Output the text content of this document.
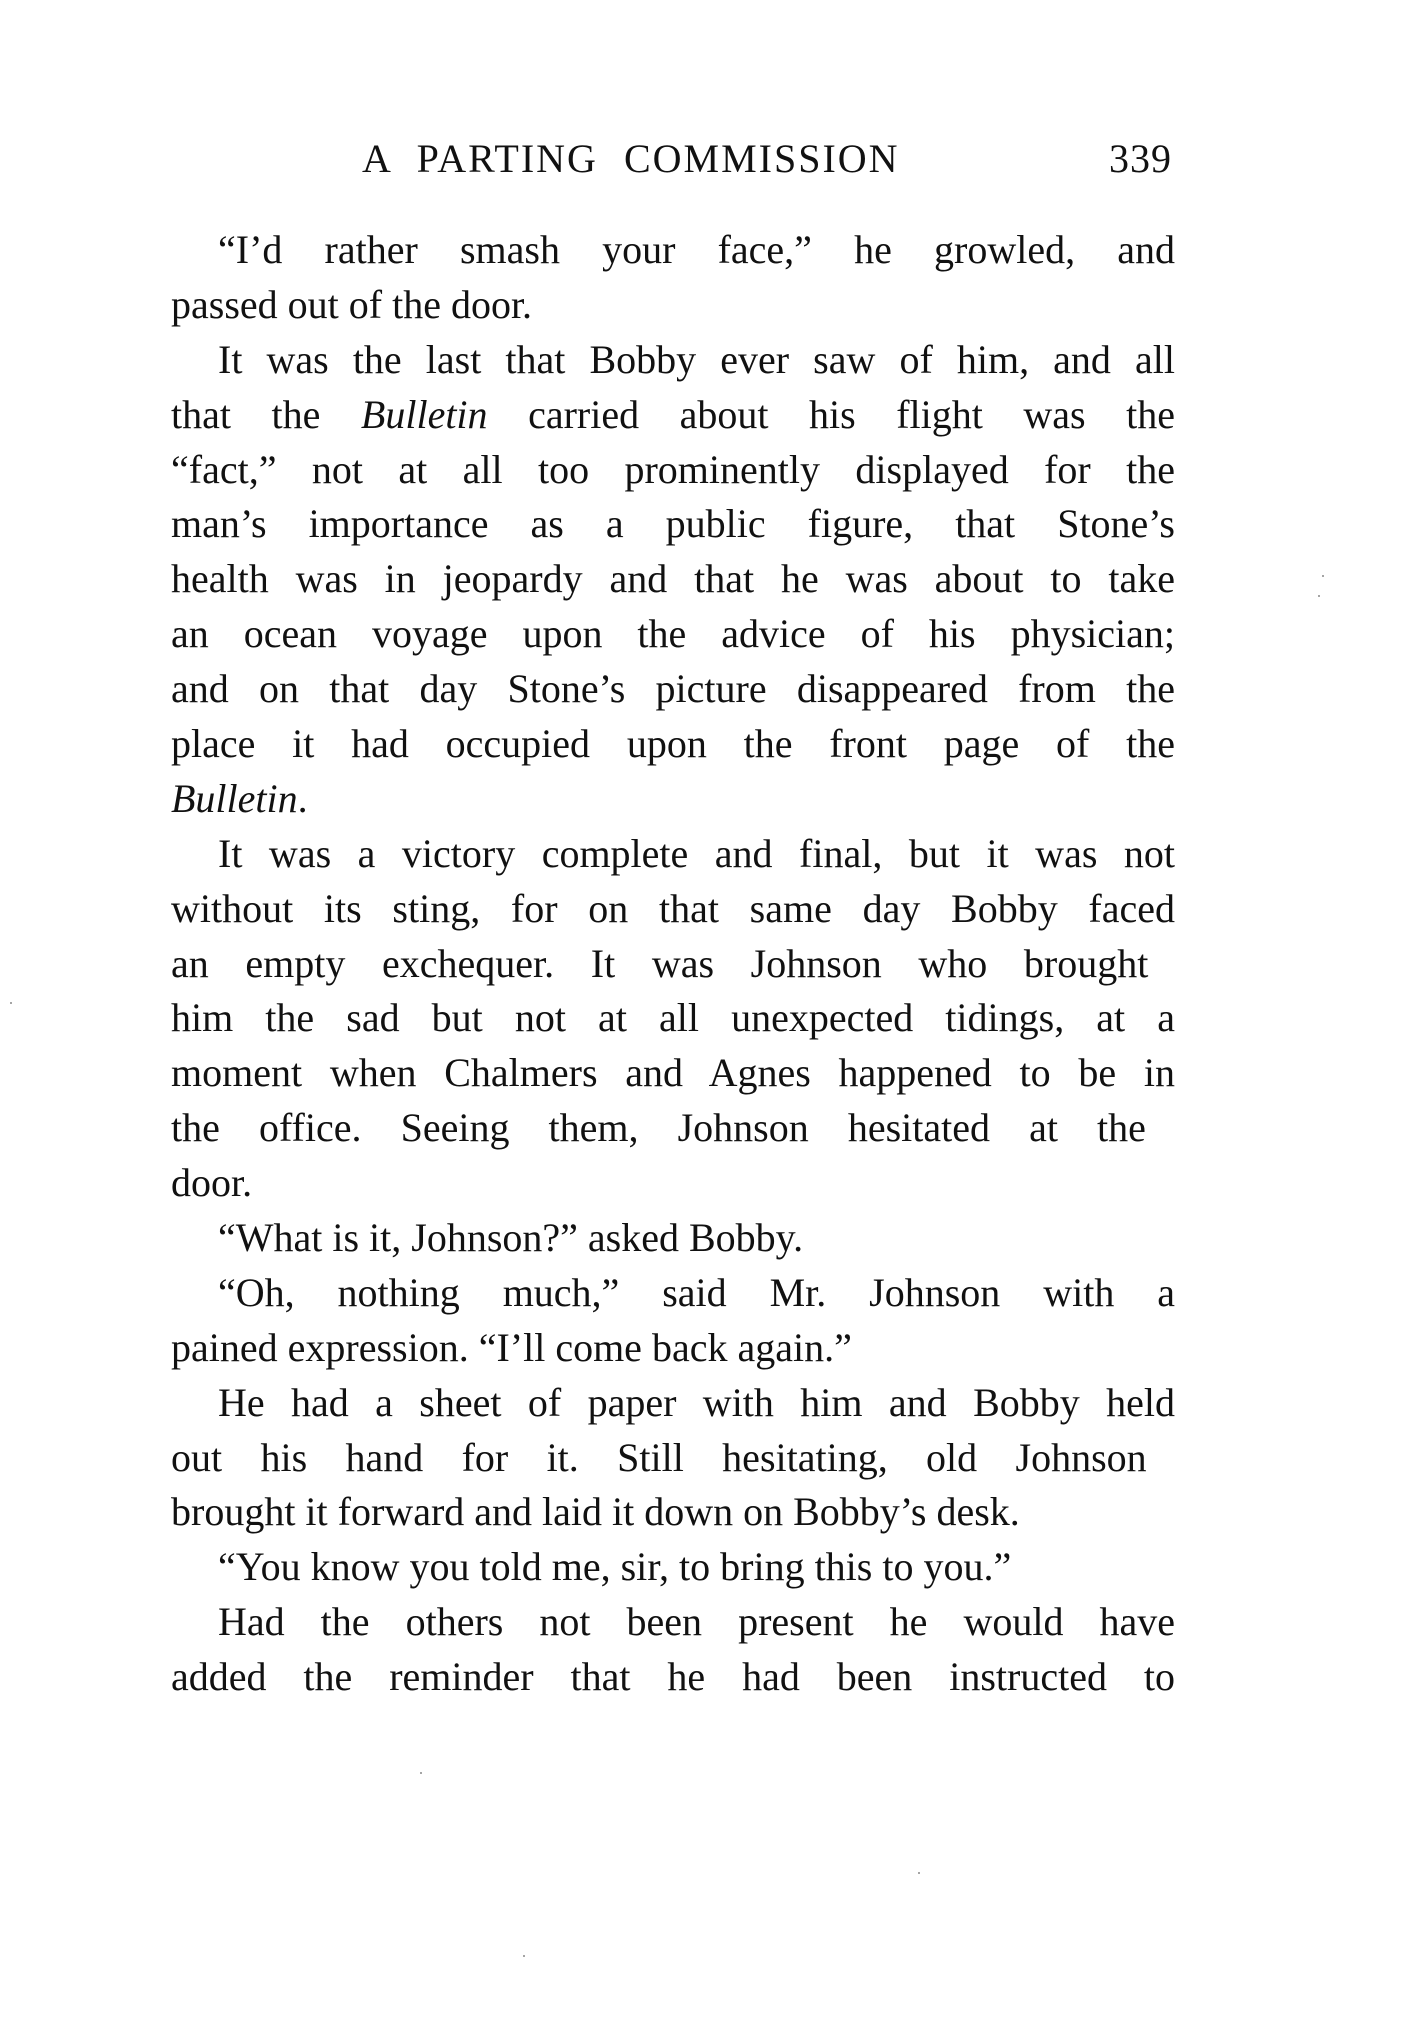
A PARTING COMMISSION	339
“I’d rather smash your face,” he growled, and
passed out of the door.
It was the last that Bobby ever saw of him, and all
that the Bulletin carried about his flight was the
“fact,” not at all too prominently displayed for the
man’s importance as a public figure, that Stone’s
health was in jeopardy and that he was about to take
an ocean voyage upon the advice of his physician;
and on that day Stone’s picture disappeared from the
place it had occupied upon the front page of the
Bulletin.
It was a victory complete and final, but it was not
without its sting, for on that same day Bobby faced
an empty exchequer. It was Johnson who brought
him the sad but not at all unexpected tidings, at a
moment when Chalmers and Agnes happened to be in
the office. Seeing them, Johnson hesitated at the
door.
“What is it, Johnson?” asked Bobby.
“Oh, nothing much,” said Mr. Johnson with a
pained expression. “I’ll come back again.”
He had a sheet of paper with him and Bobby held
out his hand for it. Still hesitating, old Johnson
brought it forward and laid it down on Bobby’s desk.
“You know you told me, sir, to bring this to you.”
Had the others not been present he would have
added the reminder that he had been instructed to
